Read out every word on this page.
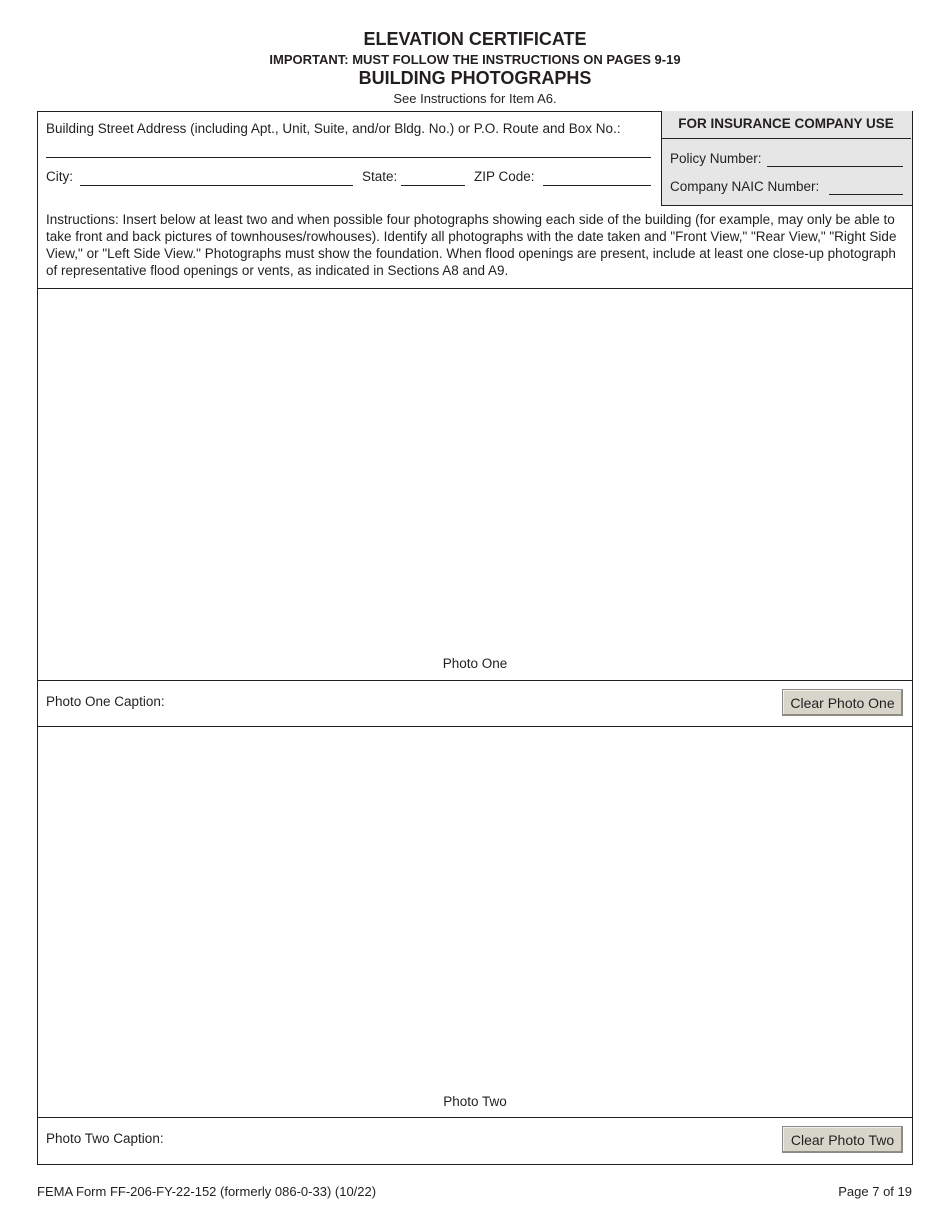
ELEVATION CERTIFICATE
IMPORTANT: MUST FOLLOW THE INSTRUCTIONS ON PAGES 9-19
BUILDING PHOTOGRAPHS
See Instructions for Item A6.
FOR INSURANCE COMPANY USE
Policy Number:
Company NAIC Number:
Building Street Address (including Apt., Unit, Suite, and/or Bldg. No.) or P.O. Route and Box No.:
City:	State:	ZIP Code:
Instructions: Insert below at least two and when possible four photographs showing each side of the building (for example, may only be able to take front and back pictures of townhouses/rowhouses). Identify all photographs with the date taken and "Front View," "Rear View," "Right Side View," or "Left Side View." Photographs must show the foundation. When flood openings are present, include at least one close-up photograph of representative flood openings or vents, as indicated in Sections A8 and A9.
Photo One
Photo One Caption:	Clear Photo One
Photo Two
Photo Two Caption:	Clear Photo Two
FEMA Form FF-206-FY-22-152 (formerly 086-0-33) (10/22)	Page 7 of 19
